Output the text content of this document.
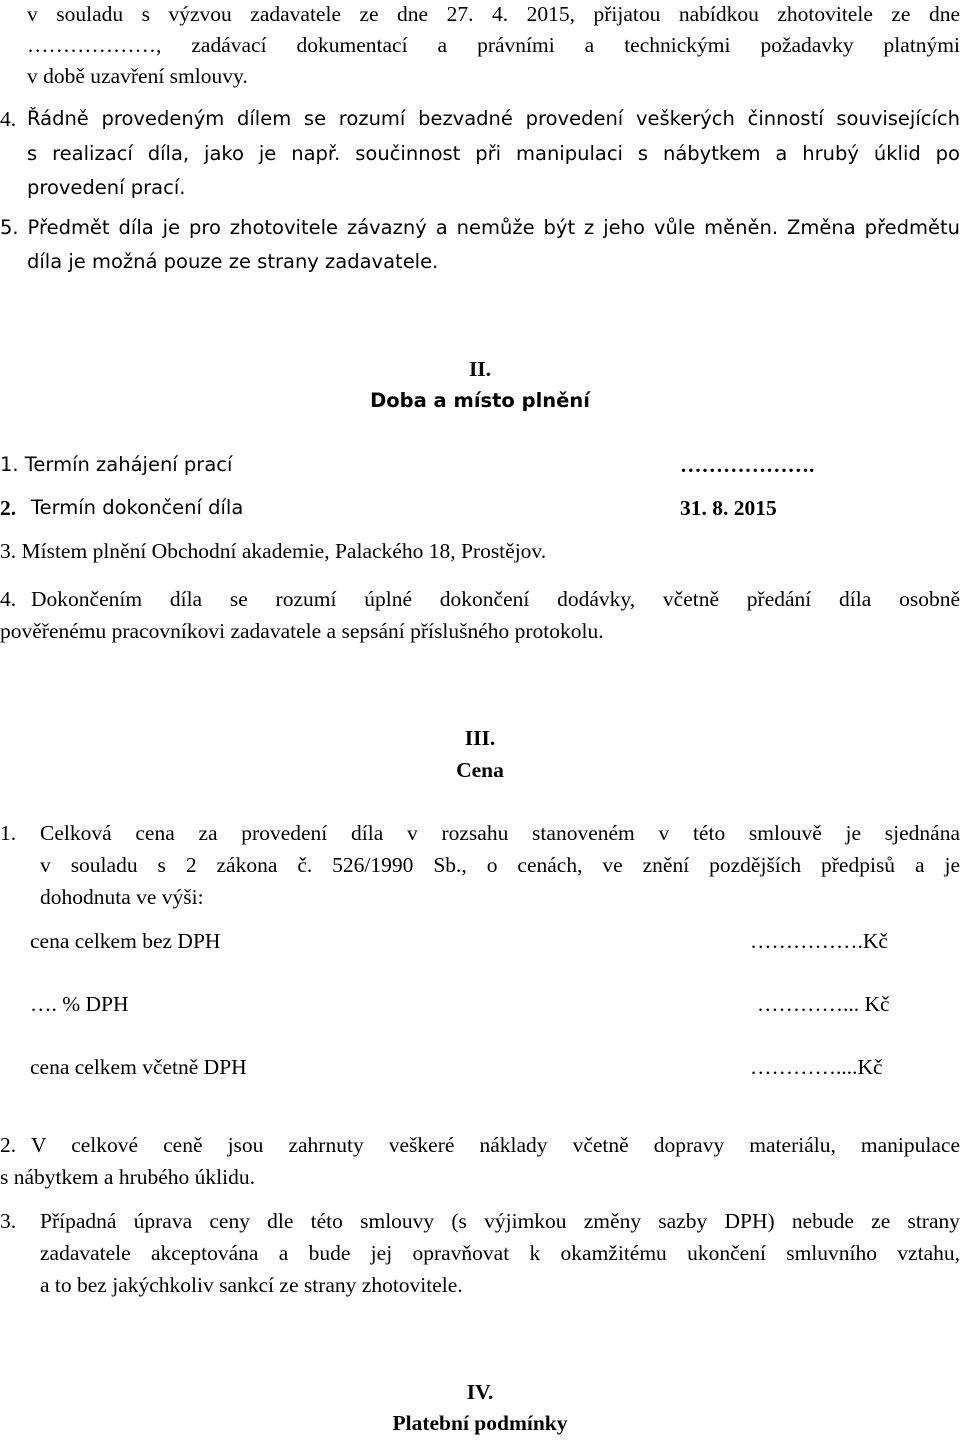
v souladu s výzvou zadavatele ze dne 27. 4. 2015, přijatou nabídkou zhotovitele ze dne
………………, zadávací dokumentací a právními a technickými požadavky platnými
v době uzavření smlouvy.
4. Řádně provedeným dílem se rozumí bezvadné provedení veškerých činností souvisejících
s realizací díla, jako je např. součinnost při manipulaci s nábytkem a hrubý úklid po
provedení prací.
5. Předmět díla je pro zhotovitele závazný a nemůže být z jeho vůle měněn. Změna předmětu
díla je možná pouze ze strany zadavatele.
II.
Doba a místo plnění
1. Termín zahájení prací	……………….
2. Termín dokončení díla	31. 8. 2015
3. Místem plnění Obchodní akademie, Palackého 18, Prostějov.
4. Dokončením díla se rozumí úplné dokončení dodávky, včetně předání díla osobně
pověřenému pracovníkovi zadavatele a sepsání příslušného protokolu.
III.
Cena
1. Celková cena za provedení díla v rozsahu stanoveném v této smlouvě je sjednána
v souladu s 2 zákona č. 526/1990 Sb., o cenách, ve znění pozdějších předpisů a je
dohodnuta ve výši:
cena celkem bez DPH	…………….Kč
…. % DPH	…………... Kč
cena celkem včetně DPH	…………....Kč
2. V celkové ceně jsou zahrnuty veškeré náklady včetně dopravy materiálu, manipulace
s nábytkem a hrubého úklidu.
3. Případná úprava ceny dle této smlouvy (s výjimkou změny sazby DPH) nebude ze strany
zadavatele akceptována a bude jej opravňovat k okamžitému ukončení smluvního vztahu,
a to bez jakýchkoliv sankcí ze strany zhotovitele.
IV.
Platební podmínky
